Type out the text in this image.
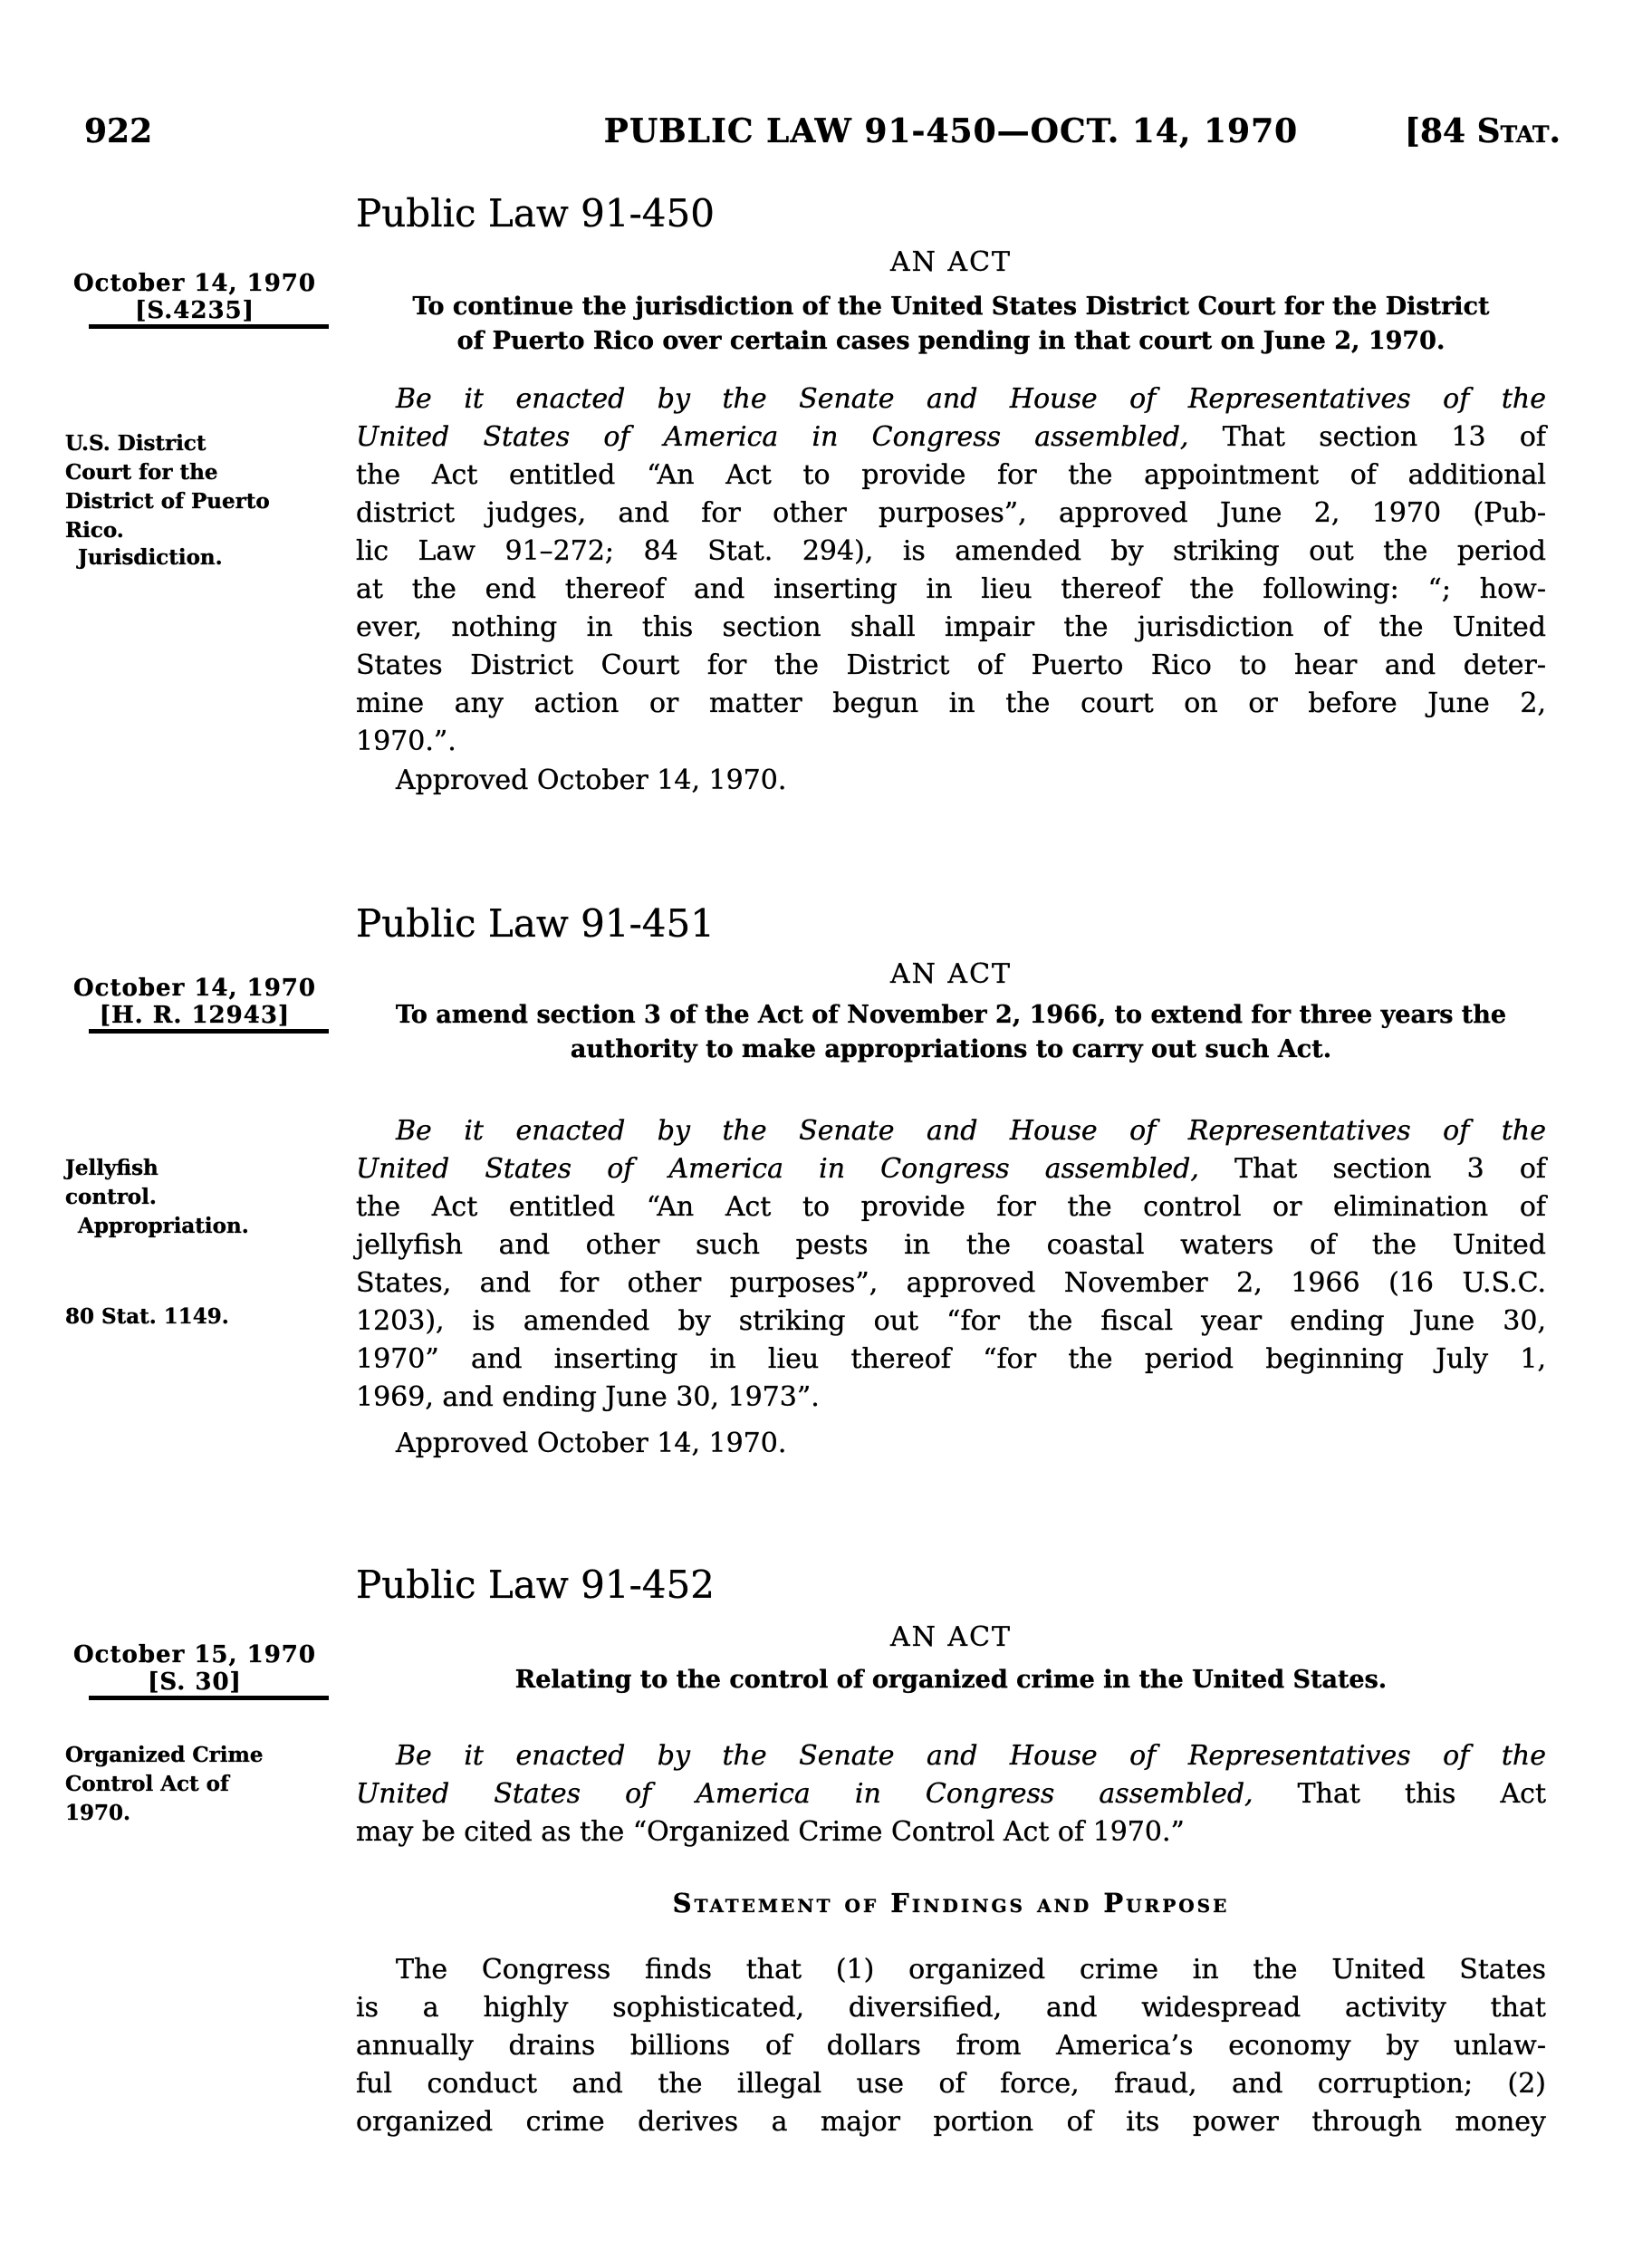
922	PUBLIC LAW 91-450—OCT. 14, 1970	[84 Stat.
Public Law 91-450
AN ACT
October 14, 1970
[S.4235]	To continue the jurisdiction of the United States District Court for the District
of Puerto Rico over certain cases pending in that court on June 2, 1970.
U.S. District
Court for the
District of Puerto
Rico.
Jurisdiction.
Be it enacted by the Senate and House of Representatives of the
United States of America in Congress assembled, That section 13 of
the Act entitled “An Act to provide for the appointment of additional
district judges, and for other purposes”, approved June 2, 1970 (Pub-
lic Law 91–272; 84 Stat. 294), is amended by striking out the period
at the end thereof and inserting in lieu thereof the following: “; how-
ever, nothing in this section shall impair the jurisdiction of the United
States District Court for the District of Puerto Rico to hear and deter-
mine any action or matter begun in the court on or before June 2,
1970.”.
Approved October 14, 1970.
Public Law 91-451
AN ACT
October 14, 1970
[H. R. 12943]	To amend section 3 of the Act of November 2, 1966, to extend for three years the
authority to make appropriations to carry out such Act.
Jellyfish
control.
Appropriation.
80 Stat. 1149.
Be it enacted by the Senate and House of Representatives of the
United States of America in Congress assembled, That section 3 of
the Act entitled “An Act to provide for the control or elimination of
jellyfish and other such pests in the coastal waters of the United
States, and for other purposes”, approved November 2, 1966 (16 U.S.C.
1203), is amended by striking out “for the fiscal year ending June 30,
1970” and inserting in lieu thereof “for the period beginning July 1,
1969, and ending June 30, 1973”.
Approved October 14, 1970.
Public Law 91-452
AN ACT
October 15, 1970
[S. 30]	Relating to the control of organized crime in the United States.
Organized Crime
Control Act of
1970.
Be it enacted by the Senate and House of Representatives of the
United States of America in Congress assembled, That this Act
may be cited as the “Organized Crime Control Act of 1970.”
Statement of Findings and Purpose
The Congress finds that (1) organized crime in the United States
is a highly sophisticated, diversified, and widespread activity that
annually drains billions of dollars from America’s economy by unlaw-
ful conduct and the illegal use of force, fraud, and corruption; (2)
organized crime derives a major portion of its power through money
